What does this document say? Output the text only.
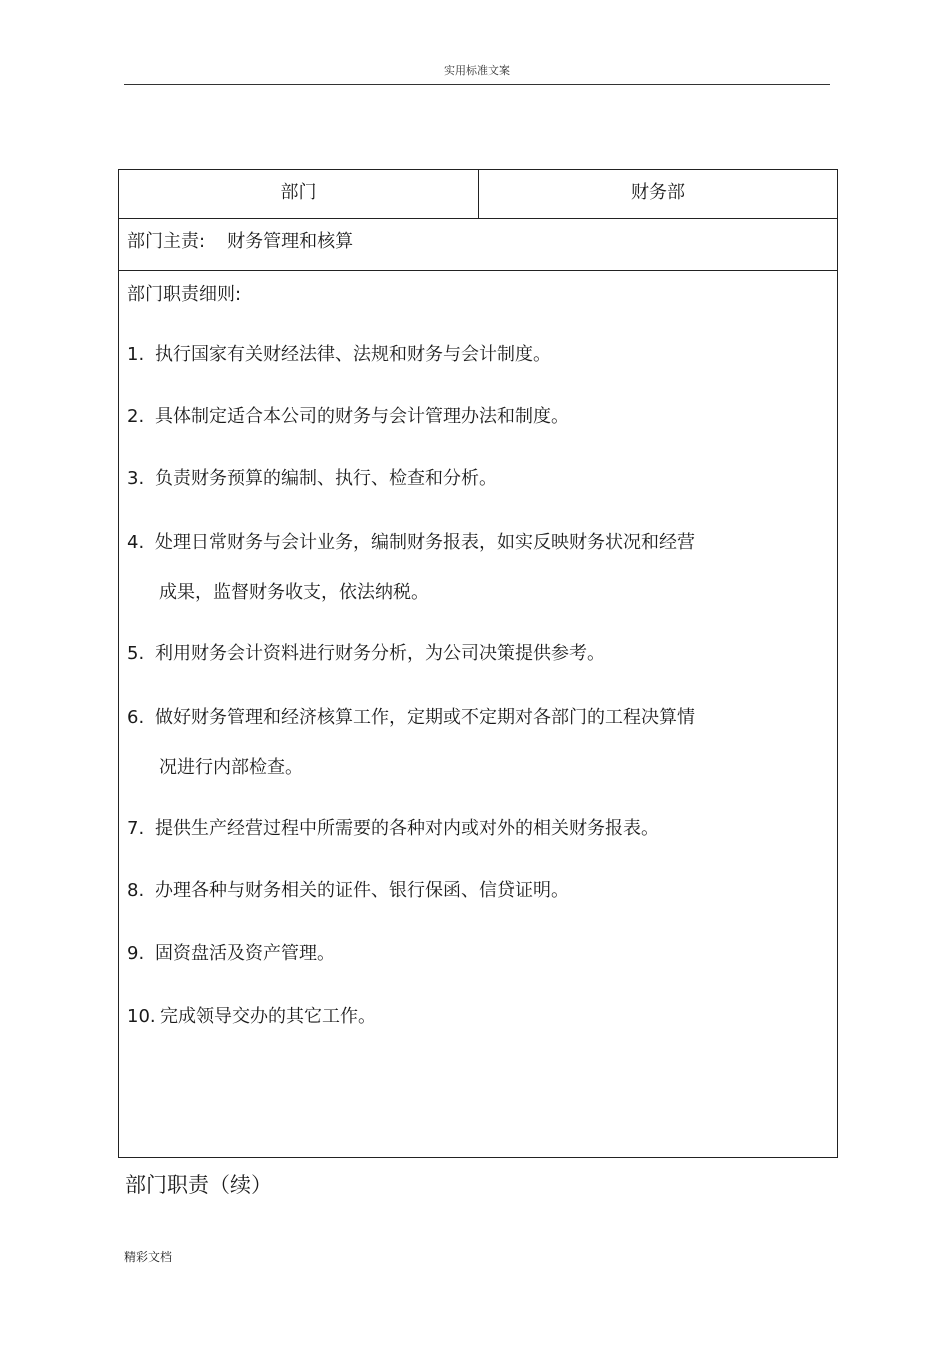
实用标准文案
部门	财务部
部门主责: 财务管理和核算
部门职责细则:
1. 执行国家有关财经法律、法规和财务与会计制度。
2. 具体制定适合本公司的财务与会计管理办法和制度。
3. 负责财务预算的编制、执行、检查和分析。
4. 处理日常财务与会计业务，编制财务报表，如实反映财务状况和经营
成果，监督财务收支，依法纳税。
5. 利用财务会计资料进行财务分析，为公司决策提供参考。
6. 做好财务管理和经济核算工作，定期或不定期对各部门的工程决算情
况进行内部检查。
7. 提供生产经营过程中所需要的各种对内或对外的相关财务报表。
8. 办理各种与财务相关的证件、银行保函、信贷证明。
9. 固资盘活及资产管理。
10. 完成领导交办的其它工作。
部门职责（续）
精彩文档
